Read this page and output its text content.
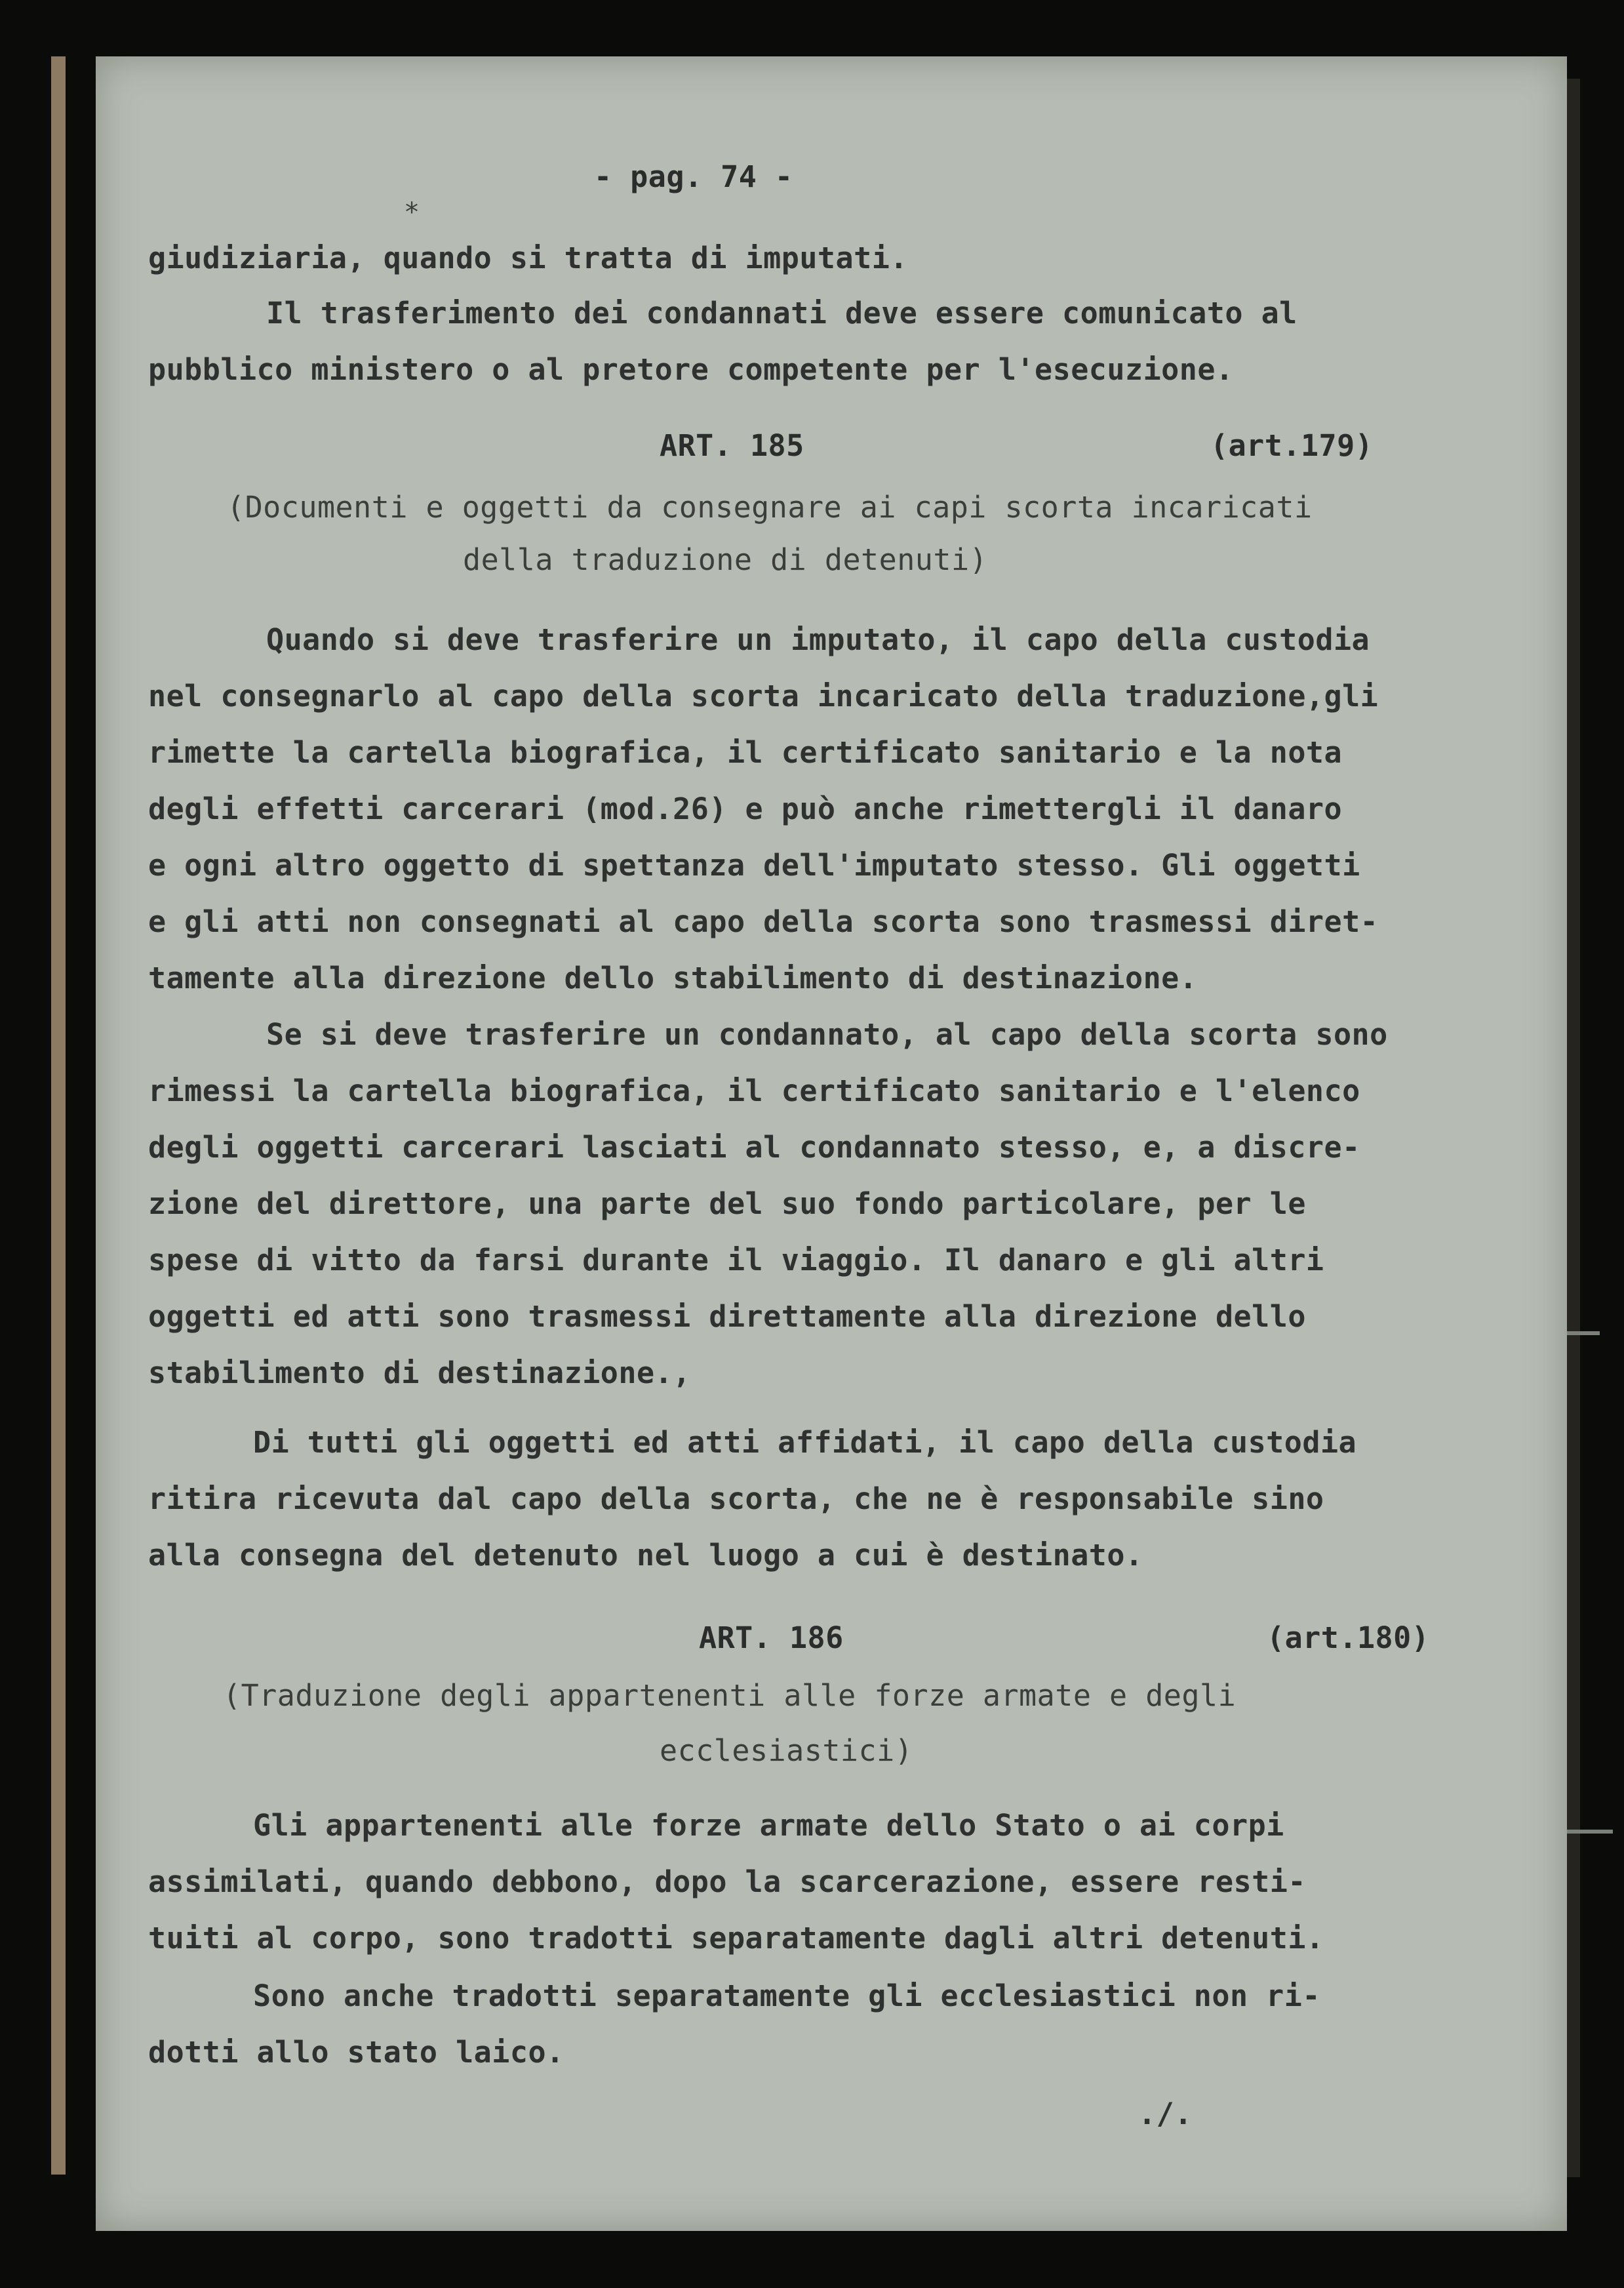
- pag. 74 -

*

giudiziaria, quando si tratta di imputati.

Il trasferimento dei condannati deve essere comunicato al

pubblico ministero o al pretore competente per l'esecuzione.

ART. 185	(art.179)

(Documenti e oggetti da consegnare ai capi scorta incaricati

della traduzione di detenuti)

Quando si deve trasferire un imputato, il capo della custodia

nel consegnarlo al capo della scorta incaricato della traduzione,gli

rimette la cartella biografica, il certificato sanitario e la nota

degli effetti carcerari (mod.26) e può anche rimettergli il danaro

e ogni altro oggetto di spettanza dell'imputato stesso. Gli oggetti

e gli atti non consegnati al capo della scorta sono trasmessi diret-

tamente alla direzione dello stabilimento di destinazione.

Se si deve trasferire un condannato, al capo della scorta sono

rimessi la cartella biografica, il certificato sanitario e l'elenco

degli oggetti carcerari lasciati al condannato stesso, e, a discre-

zione del direttore, una parte del suo fondo particolare, per le

spese di vitto da farsi durante il viaggio. Il danaro e gli altri

oggetti ed atti sono trasmessi direttamente alla direzione dello

stabilimento di destinazione.,

Di tutti gli oggetti ed atti affidati, il capo della custodia

ritira ricevuta dal capo della scorta, che ne è responsabile sino

alla consegna del detenuto nel luogo a cui è destinato.

ART. 186	(art.180)

(Traduzione degli appartenenti alle forze armate e degli

ecclesiastici)

Gli appartenenti alle forze armate dello Stato o ai corpi

assimilati, quando debbono, dopo la scarcerazione, essere resti-

tuiti al corpo, sono tradotti separatamente dagli altri detenuti.

Sono anche tradotti separatamente gli ecclesiastici non ri-

dotti allo stato laico.

./.
